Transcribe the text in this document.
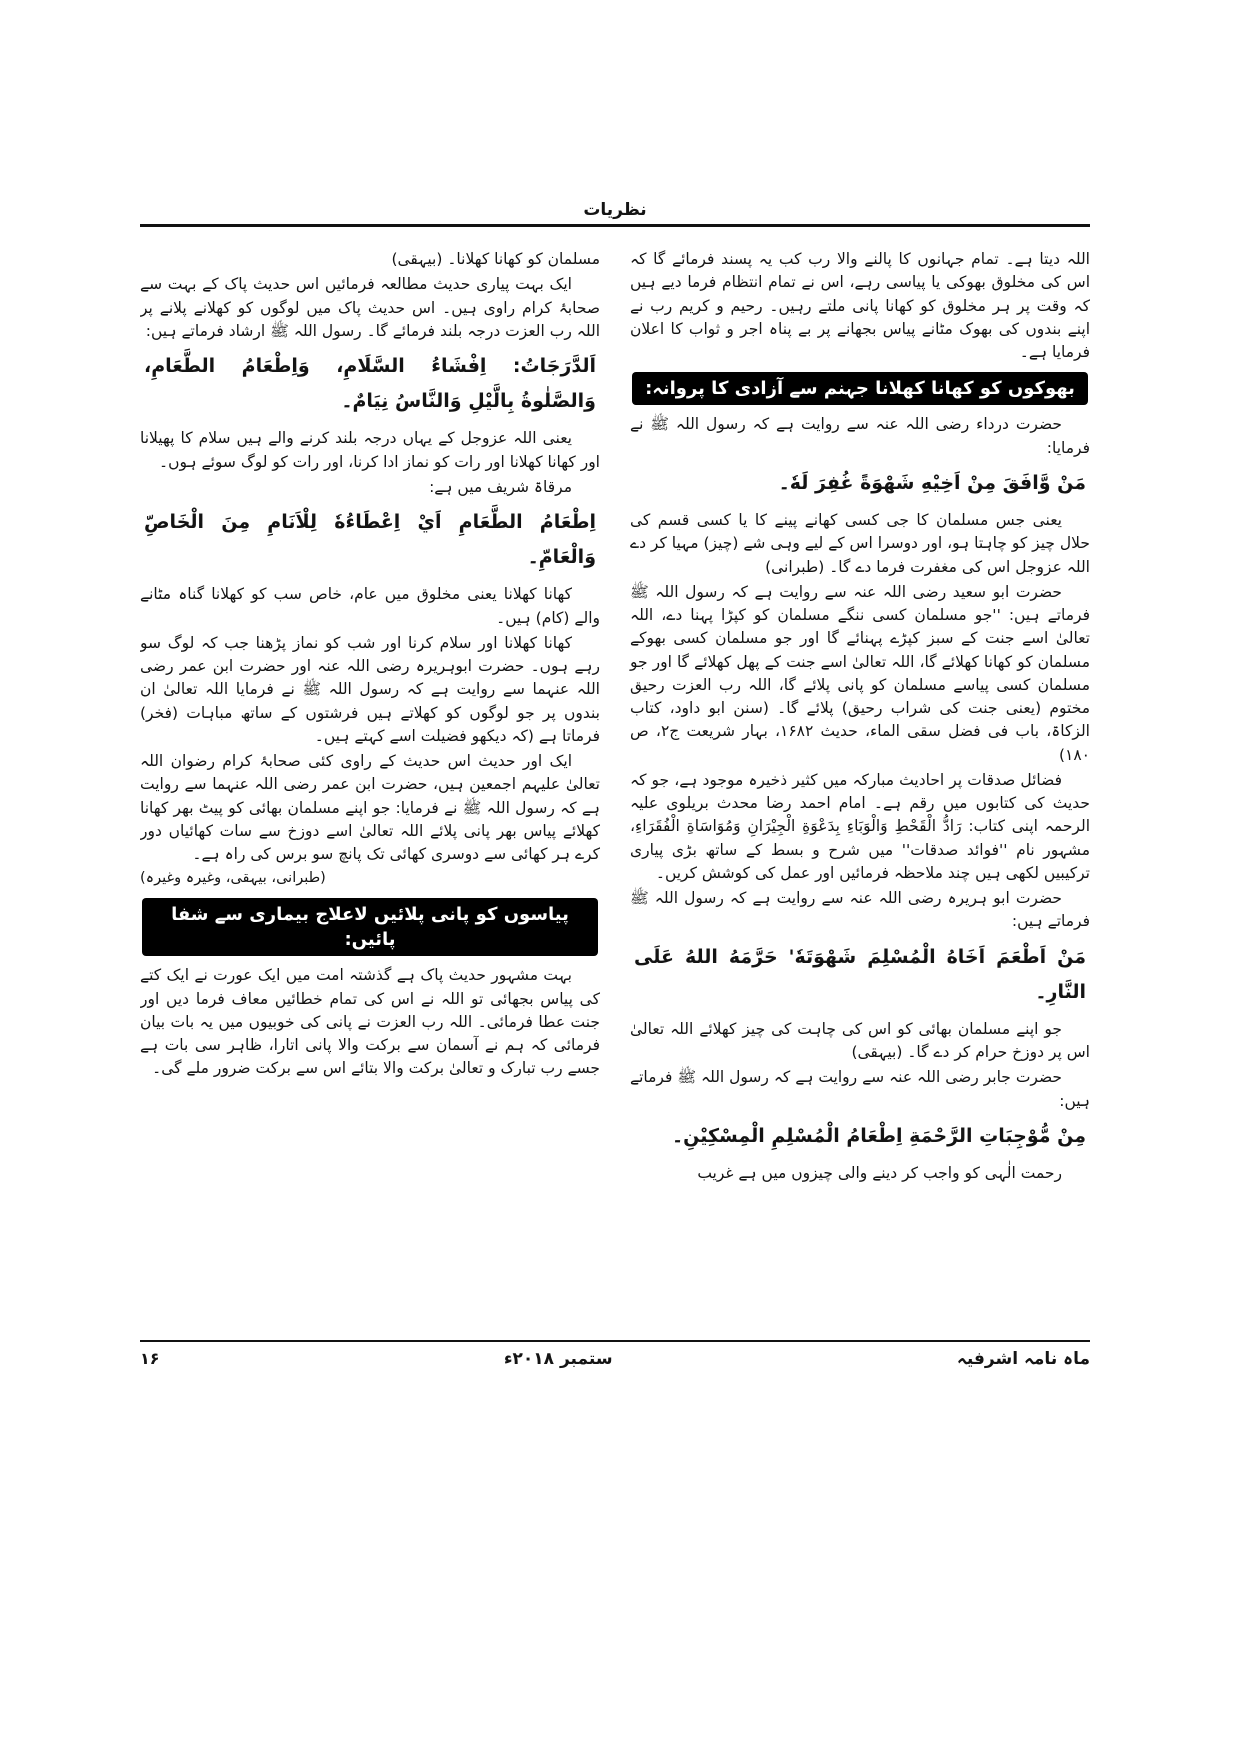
نظریات

اللہ دیتا ہے۔ تمام جہانوں کا پالنے والا رب کب یہ پسند فرمائے گا کہ اس کی مخلوق بھوکی یا پیاسی رہے، اس نے تمام انتظام فرما دیے ہیں کہ وقت پر ہر مخلوق کو کھانا پانی ملتے رہیں۔ رحیم و کریم رب نے اپنے بندوں کی بھوک مٹانے پیاس بجھانے پر بے پناہ اجر و ثواب کا اعلان فرمایا ہے۔

بھوکوں کو کھانا کھلانا جہنم سے آزادی کا پروانہ:

حضرت درداء رضی اللہ عنہ سے روایت ہے کہ رسول اللہ ﷺ نے فرمایا:

مَنْ وَّافَقَ مِنْ اَخِيْهِ شَهْوَةً غُفِرَ لَهٗ۔

یعنی جس مسلمان کا جی کسی کھانے پینے کا یا کسی قسم کی حلال چیز کو چاہتا ہو، اور دوسرا اس کے لیے وہی شے (چیز) مہیا کر دے اللہ عزوجل اس کی مغفرت فرما دے گا۔ (طبرانی)

حضرت ابو سعید رضی اللہ عنہ سے روایت ہے کہ رسول اللہ ﷺ فرماتے ہیں: ''جو مسلمان کسی ننگے مسلمان کو کپڑا پہنا دے، اللہ تعالیٰ اسے جنت کے سبز کپڑے پہنائے گا اور جو مسلمان کسی بھوکے مسلمان کو کھانا کھلائے گا، اللہ تعالیٰ اسے جنت کے پھل کھلائے گا اور جو مسلمان کسی پیاسے مسلمان کو پانی پلائے گا، اللہ رب العزت رحیق مختوم (یعنی جنت کی شراب رحیق) پلائے گا۔ (سنن ابو داود، کتاب الزکاۃ، باب فی فضل سقی الماء، حدیث ۱۶۸۲، بہار شریعت ج۲، ص ۱۸۰)

فضائل صدقات پر احادیث مبارکہ میں کثیر ذخیرہ موجود ہے، جو کہ حدیث کی کتابوں میں رقم ہے۔ امام احمد رضا محدث بریلوی علیہ الرحمہ اپنی کتاب: رَادُّ الْقَحْطِ وَالْوَبَاءِ بِدَعْوَةِ الْجِيْرَانِ وَمُوَاسَاةِ الْفُقَرَاءِ، مشہور نام ''فوائد صدقات'' میں شرح و بسط کے ساتھ بڑی پیاری ترکیبیں لکھی ہیں چند ملاحظہ فرمائیں اور عمل کی کوشش کریں۔

حضرت ابو ہریرہ رضی اللہ عنہ سے روایت ہے کہ رسول اللہ ﷺ فرماتے ہیں:

مَنْ اَطْعَمَ اَخَاهُ الْمُسْلِمَ شَهْوَتَهٗ' حَرَّمَهُ اللهُ عَلَى النَّارِ۔

جو اپنے مسلمان بھائی کو اس کی چاہت کی چیز کھلائے اللہ تعالیٰ اس پر دوزخ حرام کر دے گا۔ (بیہقی)

حضرت جابر رضی اللہ عنہ سے روایت ہے کہ رسول اللہ ﷺ فرماتے ہیں:

مِنْ مُّوْجِبَاتِ الرَّحْمَةِ اِطْعَامُ الْمُسْلِمِ الْمِسْكِيْنِ۔

رحمت الٰہی کو واجب کر دینے والی چیزوں میں ہے غریب

مسلمان کو کھانا کھلانا۔ (بیہقی)

ایک بہت پیاری حدیث مطالعہ فرمائیں اس حدیث پاک کے بہت سے صحابۂ کرام راوی ہیں۔ اس حدیث پاک میں لوگوں کو کھلانے پلانے پر اللہ رب العزت درجہ بلند فرمائے گا۔ رسول اللہ ﷺ ارشاد فرماتے ہیں:

اَلدَّرَجَاتُ: اِفْشَاءُ السَّلَامِ، وَاِطْعَامُ الطَّعَامِ، وَالصَّلٰوةُ بِالَّيْلِ وَالنَّاسُ نِيَامٌ۔

یعنی اللہ عزوجل کے یہاں درجہ بلند کرنے والے ہیں سلام کا پھیلانا اور کھانا کھلانا اور رات کو نماز ادا کرنا، اور رات کو لوگ سوئے ہوں۔

مرقاۃ شریف میں ہے:

اِطْعَامُ الطَّعَامِ اَيْ اِعْطَاءُهٗ لِلْاَنَامِ مِنَ الْخَاصِّ وَالْعَامِّ۔

کھانا کھلانا یعنی مخلوق میں عام، خاص سب کو کھلانا گناہ مٹانے والے (کام) ہیں۔

کھانا کھلانا اور سلام کرنا اور شب کو نماز پڑھنا جب کہ لوگ سو رہے ہوں۔ حضرت ابوہریرہ رضی اللہ عنہ اور حضرت ابن عمر رضی اللہ عنہما سے روایت ہے کہ رسول اللہ ﷺ نے فرمایا اللہ تعالیٰ ان بندوں پر جو لوگوں کو کھلاتے ہیں فرشتوں کے ساتھ مباہات (فخر) فرماتا ہے (کہ دیکھو فضیلت اسے کہتے ہیں۔

ایک اور حدیث اس حدیث کے راوی کئی صحابۂ کرام رضوان اللہ تعالیٰ علیہم اجمعین ہیں، حضرت ابن عمر رضی اللہ عنہما سے روایت ہے کہ رسول اللہ ﷺ نے فرمایا: جو اپنے مسلمان بھائی کو پیٹ بھر کھانا کھلائے پیاس بھر پانی پلائے اللہ تعالیٰ اسے دوزخ سے سات کھائیاں دور کرے ہر کھائی سے دوسری کھائی تک پانچ سو برس کی راہ ہے۔

(طبرانی، بیہقی، وغیرہ وغیرہ)

پیاسوں کو پانی پلائیں لاعلاج بیماری سے شفا پائیں:

بہت مشہور حدیث پاک ہے گذشتہ امت میں ایک عورت نے ایک کتے کی پیاس بجھائی تو اللہ نے اس کی تمام خطائیں معاف فرما دیں اور جنت عطا فرمائی۔ اللہ رب العزت نے پانی کی خوبیوں میں یہ بات بیان فرمائی کہ ہم نے آسمان سے برکت والا پانی اتارا، ظاہر سی بات ہے جسے رب تبارک و تعالیٰ برکت والا بتائے اس سے برکت ضرور ملے گی۔

ماہ نامہ اشرفیہ
ستمبر ۲۰۱۸ء
۱۶
